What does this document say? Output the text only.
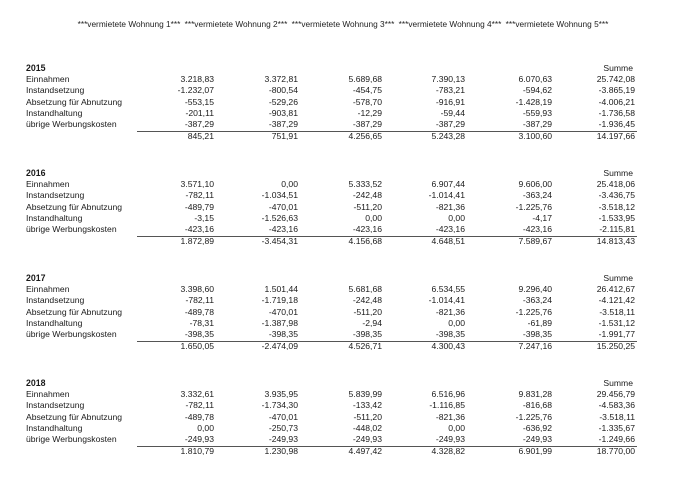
***vermietete Wohnung 1*** ***vermietete Wohnung 2*** ***vermietete Wohnung 3*** ***vermietete Wohnung 4*** ***vermietete Wohnung 5***
2015	Summe
Einnahmen	3.218,83	3.372,81	5.689,68	7.390,13	6.070,63	25.742,08
Instandsetzung	-1.232,07	-800,54	-454,75	-783,21	-594,62	-3.865,19
Absetzung für Abnutzung	-553,15	-529,26	-578,70	-916,91	-1.428,19	-4.006,21
Instandhaltung	-201,11	-903,81	-12,29	-59,44	-559,93	-1.736,58
übrige Werbungskosten	-387,29	-387,29	-387,29	-387,29	-387,29	-1.936,45
845,21	751,91	4.256,65	5.243,28	3.100,60	14.197,66
2016	Summe
Einnahmen	3.571,10	0,00	5.333,52	6.907,44	9.606,00	25.418,06
Instandsetzung	-782,11	-1.034,51	-242,48	-1.014,41	-363,24	-3.436,75
Absetzung für Abnutzung	-489,79	-470,01	-511,20	-821,36	-1.225,76	-3.518,12
Instandhaltung	-3,15	-1.526,63	0,00	0,00	-4,17	-1.533,95
übrige Werbungskosten	-423,16	-423,16	-423,16	-423,16	-423,16	-2.115,81
1.872,89	-3.454,31	4.156,68	4.648,51	7.589,67	14.813,43
2017	Summe
Einnahmen	3.398,60	1.501,44	5.681,68	6.534,55	9.296,40	26.412,67
Instandsetzung	-782,11	-1.719,18	-242,48	-1.014,41	-363,24	-4.121,42
Absetzung für Abnutzung	-489,78	-470,01	-511,20	-821,36	-1.225,76	-3.518,11
Instandhaltung	-78,31	-1.387,98	-2,94	0,00	-61,89	-1.531,12
übrige Werbungskosten	-398,35	-398,35	-398,35	-398,35	-398,35	-1.991,77
1.650,05	-2.474,09	4.526,71	4.300,43	7.247,16	15.250,25
2018	Summe
Einnahmen	3.332,61	3.935,95	5.839,99	6.516,96	9.831,28	29.456,79
Instandsetzung	-782,11	-1.734,30	-133,42	-1.116,85	-816,68	-4.583,36
Absetzung für Abnutzung	-489,78	-470,01	-511,20	-821,36	-1.225,76	-3.518,11
Instandhaltung	0,00	-250,73	-448,02	0,00	-636,92	-1.335,67
übrige Werbungskosten	-249,93	-249,93	-249,93	-249,93	-249,93	-1.249,66
1.810,79	1.230,98	4.497,42	4.328,82	6.901,99	18.770,00
